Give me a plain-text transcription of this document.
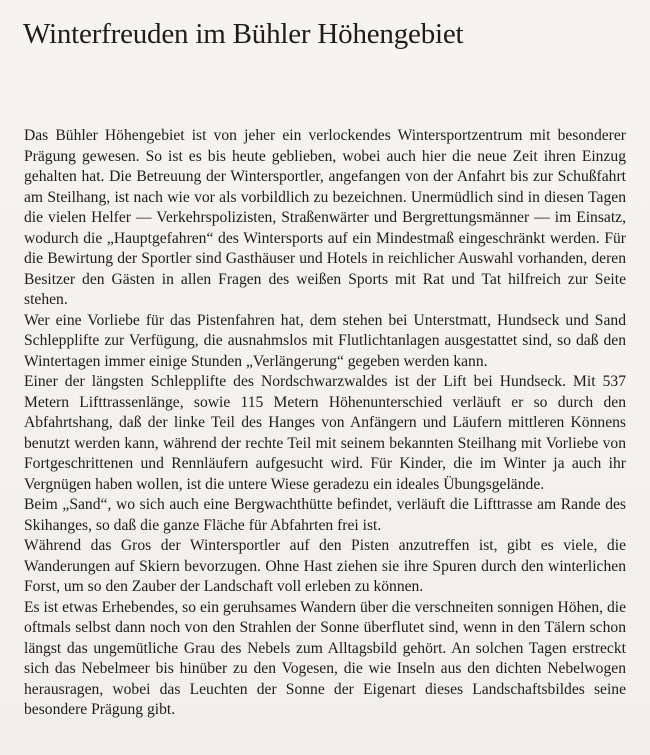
Winterfreuden im Bühler Höhengebiet

Das Bühler Höhengebiet ist von jeher ein verlockendes Wintersportzentrum mit besonderer Prägung gewesen. So ist es bis heute geblieben, wobei auch hier die neue Zeit ihren Einzug gehalten hat. Die Betreuung der Wintersportler, angefangen von der Anfahrt bis zur Schußfahrt am Steilhang, ist nach wie vor als vorbildlich zu bezeichnen. Unermüdlich sind in diesen Tagen die vielen Helfer — Verkehrspolizisten, Straßenwärter und Bergrettungsmänner — im Einsatz, wodurch die „Hauptgefahren“ des Wintersports auf ein Mindestmaß eingeschränkt werden. Für die Bewirtung der Sportler sind Gasthäuser und Hotels in reichlicher Auswahl vorhanden, deren Besitzer den Gästen in allen Fragen des weißen Sports mit Rat und Tat hilfreich zur Seite stehen.

Wer eine Vorliebe für das Pistenfahren hat, dem stehen bei Unterstmatt, Hundseck und Sand Schlepplifte zur Verfügung, die ausnahmslos mit Flutlichtanlagen ausgestattet sind, so daß den Wintertagen immer einige Stunden „Verlängerung“ gegeben werden kann.

Einer der längsten Schlepplifte des Nordschwarzwaldes ist der Lift bei Hundseck. Mit 537 Metern Lifttrassenlänge, sowie 115 Metern Höhenunterschied verläuft er so durch den Abfahrtshang, daß der linke Teil des Hanges von Anfängern und Läufern mittleren Könnens benutzt werden kann, während der rechte Teil mit seinem bekannten Steilhang mit Vorliebe von Fortgeschrittenen und Rennläufern aufgesucht wird. Für Kinder, die im Winter ja auch ihr Vergnügen haben wollen, ist die untere Wiese geradezu ein ideales Übungsgelände.

Beim „Sand“, wo sich auch eine Bergwachthütte befindet, verläuft die Lifttrasse am Rande des Skihanges, so daß die ganze Fläche für Abfahrten frei ist.

Während das Gros der Wintersportler auf den Pisten anzutreffen ist, gibt es viele, die Wanderungen auf Skiern bevorzugen. Ohne Hast ziehen sie ihre Spuren durch den winterlichen Forst, um so den Zauber der Landschaft voll erleben zu können.

Es ist etwas Erhebendes, so ein geruhsames Wandern über die verschneiten sonnigen Höhen, die oftmals selbst dann noch von den Strahlen der Sonne überflutet sind, wenn in den Tälern schon längst das ungemütliche Grau des Nebels zum Alltagsbild gehört. An solchen Tagen erstreckt sich das Nebelmeer bis hinüber zu den Vogesen, die wie Inseln aus den dichten Nebelwogen herausragen, wobei das Leuchten der Sonne der Eigenart dieses Landschaftsbildes seine besondere Prägung gibt.
